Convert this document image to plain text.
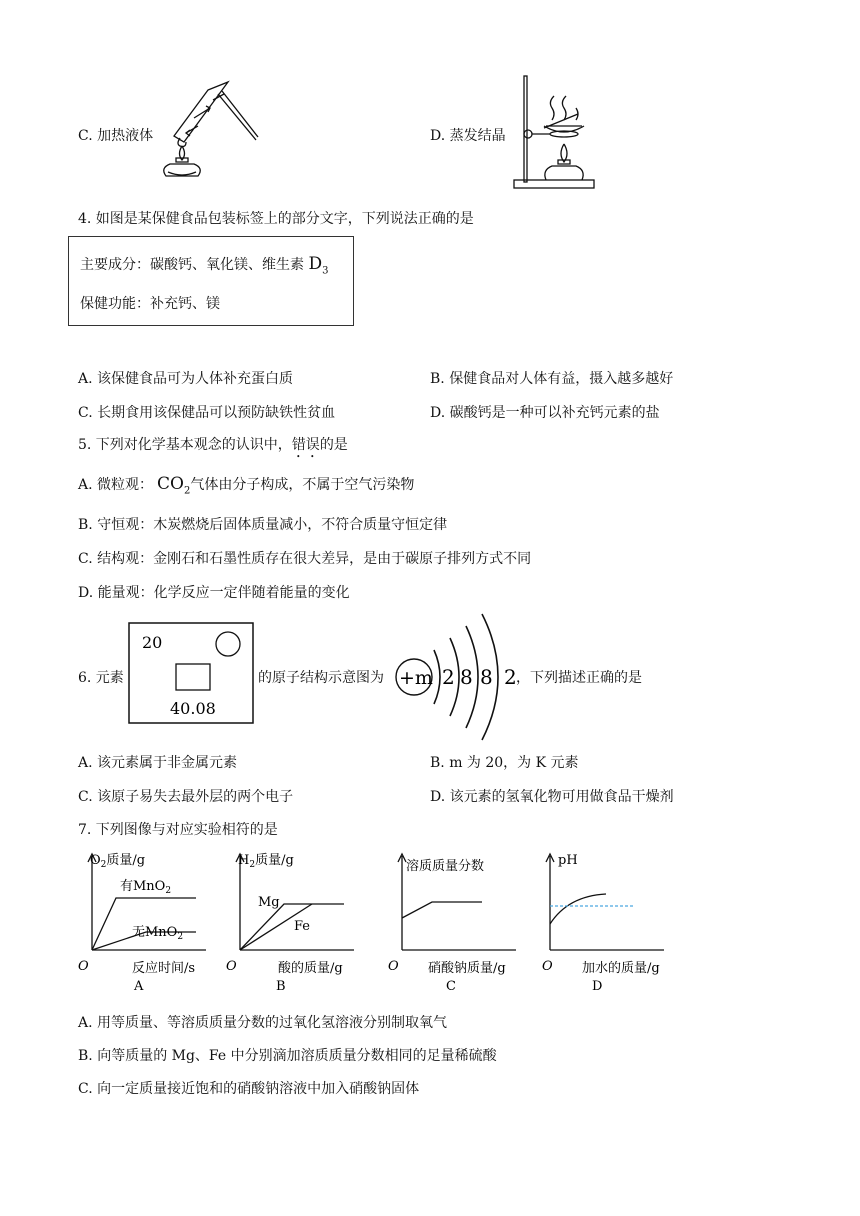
C. 加热液体	D. 蒸发结晶
4. 如图是某保健食品包装标签上的部分文字，下列说法正确的是
主要成分：碳酸钙、氧化镁、维生素 $D_3$
保健功能：补充钙、镁
A. 该保健食品可为人体补充蛋白质	B. 保健食品对人体有益，摄入越多越好
C. 长期食用该保健品可以预防缺铁性贫血	D. 碳酸钙是一种可以补充钙元素的盐
5. 下列对化学基本观念的认识中，错误的是
A. 微粒观： $CO_2$气体由分子构成，不属于空气污染物
B. 守恒观：木炭燃烧后固体质量减小，不符合质量守恒定律
C. 结构观：金刚石和石墨性质存在很大差异，是由于碳原子排列方式不同
D. 能量观：化学反应一定伴随着能量的变化
6. 元素
20
40.08
的原子结构示意图为 +m 2 8 8 2 ，下列描述正确的是
A. 该元素属于非金属元素	B. m 为 20，为 K 元素
C. 该原子易失去最外层的两个电子	D. 该元素的氢氧化物可用做食品干燥剂
7. 下列图像与对应实验相符的是
$O_2$质量/g
有MnO$_2$
无MnO$_2$
O	反应时间/s
A
$H_2$质量/g
Mg
Fe
O	酸的质量/g
B
溶质质量分数
O 硝酸钠质量/g
C
pH
O 加水的质量/g
D
A. 用等质量、等溶质质量分数的过氧化氢溶液分别制取氧气
B. 向等质量的 Mg、Fe 中分别滴加溶质质量分数相同的足量稀硫酸
C. 向一定质量接近饱和的硝酸钠溶液中加入硝酸钠固体
